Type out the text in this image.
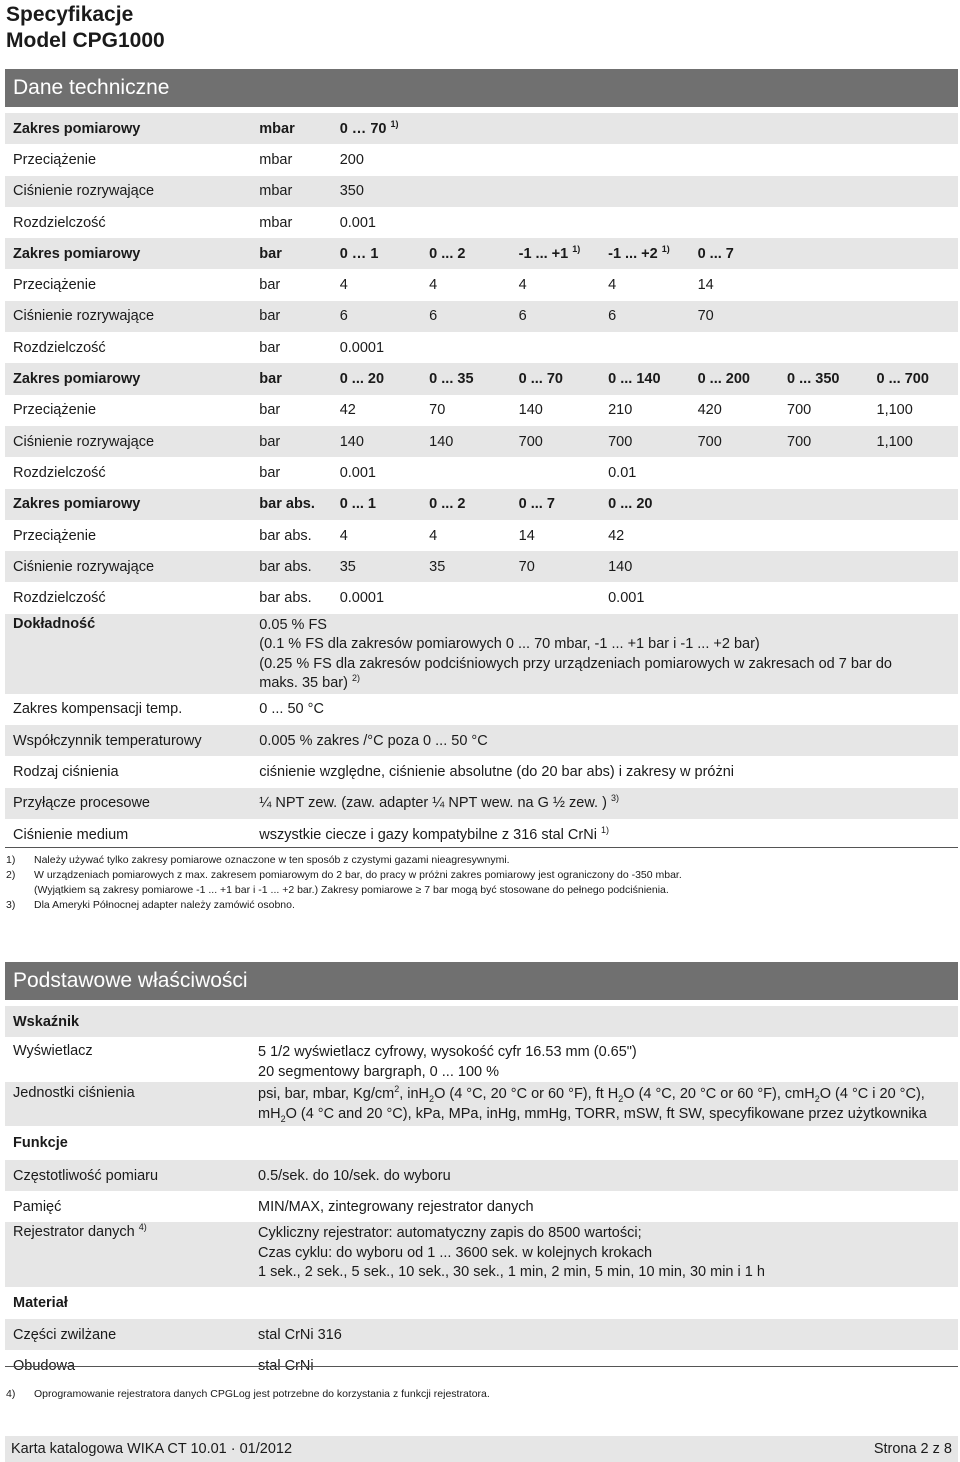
Specyfikacje
Model CPG1000
Dane techniczne
Zakres pomiarowy	mbar	0 … 70 $^{1)}$	
Przeciążenie	mbar	200						
Ciśnienie rozrywające	mbar	350						
Rozdzielczość	mbar	0.001						
Zakres pomiarowy	bar	0 … 1	0 ... 2	-1 ... +1 $^{1)}$	-1 ... +2 $^{1)}$	0 ... 7		
Przeciążenie	bar	4	4	4	4	14		
Ciśnienie rozrywające	bar	6	6	6	6	70		
Rozdzielczość	bar	0.0001						
Zakres pomiarowy	bar	0 ... 20	0 ... 35	0 ... 70	0 ... 140	0 ... 200	0 ... 350	0 ... 700
Przeciążenie	bar	42	70	140	210	420	700	1,100
Ciśnienie rozrywające	bar	140	140	700	700	700	700	1,100
Rozdzielczość	bar	0.001			0.01			
Zakres pomiarowy	bar abs.	0 ... 1	0 ... 2	0 ... 7	0 ... 20			
Przeciążenie	bar abs.	4	4	14	42			
Ciśnienie rozrywające	bar abs.	35	35	70	140			
Rozdzielczość	bar abs.	0.0001			0.001			
Dokładność	0.05 % FS
(0.1 % FS dla zakresów pomiarowych 0 ... 70 mbar, -1 ... +1 bar i -1 ... +2 bar)
(0.25 % FS dla zakresów podciśniowych przy urządzeniach pomiarowych w zakresach od 7 bar do
maks. 35 bar) $^{2)}$

Zakres kompensacji temp.	0 ... 50 °C							
Współczynnik temperaturowy	0.005 % zakres /°C poza 0 ... 50 °C							
Rodzaj ciśnienia	ciśnienie względne, ciśnienie absolutne (do 20 bar abs) i zakresy w próżni							
Przyłącze procesowe	¼ NPT zew. (zaw. adapter ¼ NPT wew. na G ½ zew. ) $^{3)}$
Ciśnienie medium	wszystkie ciecze i gazy kompatybilne z 316 stal CrNi $^{1)}$
1) Należy używać tylko zakresy pomiarowe oznaczone w ten sposób z czystymi gazami nieagresywnymi.
2) W urządzeniach pomiarowych z max. zakresem pomiarowym do 2 bar, do pracy w próżni zakres pomiarowy jest ograniczony do -350 mbar.
(Wyjątkiem są zakresy pomiarowe -1 ... +1 bar i -1 ... +2 bar.) Zakresy pomiarowe ≥ 7 bar mogą być stosowane do pełnego podciśnienia.
3) Dla Ameryki Północnej adapter należy zamówić osobno.
Podstawowe właściwości
Wskaźnik	
Wyświetlacz	5 1/2 wyświetlacz cyfrowy, wysokość cyfr 16.53 mm (0.65")
20 segmentowy bargraph, 0 ... 100 %

Jednostki ciśnienia	psi, bar, mbar, $Kg/cm^2$, inH$_2$O (4 °C, 20 °C or 60 °F), ft $H_2O$ (4 °C, 20 °C or 60 °F), cmH$_2$O (4 °C i 20 °C),
$mH_2O$ (4 °C and 20 °C), kPa, MPa, inHg, mmHg, TORR, mSW, ft SW, specyfikowane przez użytkownika

Funkcje	
Częstotliwość pomiaru	0.5/sek. do 10/sek. do wyboru
Pamięć	MIN/MAX, zintegrowany rejestrator danych
Rejestrator danych $^{4)}$	Cykliczny rejestrator: automatyczny zapis do 8500 wartości;
Czas cyklu: do wyboru od 1 ... 3600 sek. w kolejnych krokach
1 sek., 2 sek., 5 sek., 10 sek., 30 sek., 1 min, 2 min, 5 min, 10 min, 30 min i 1 h

Materiał	
Części zwilżane	stal CrNi 316
Obudowa	stal CrNi
4) Oprogramowanie rejestratora danych CPGLog jest potrzebne do korzystania z funkcji rejestratora.
Karta katalogowa WIKA CT 10.01 · 01/2012	Strona 2 z 8
